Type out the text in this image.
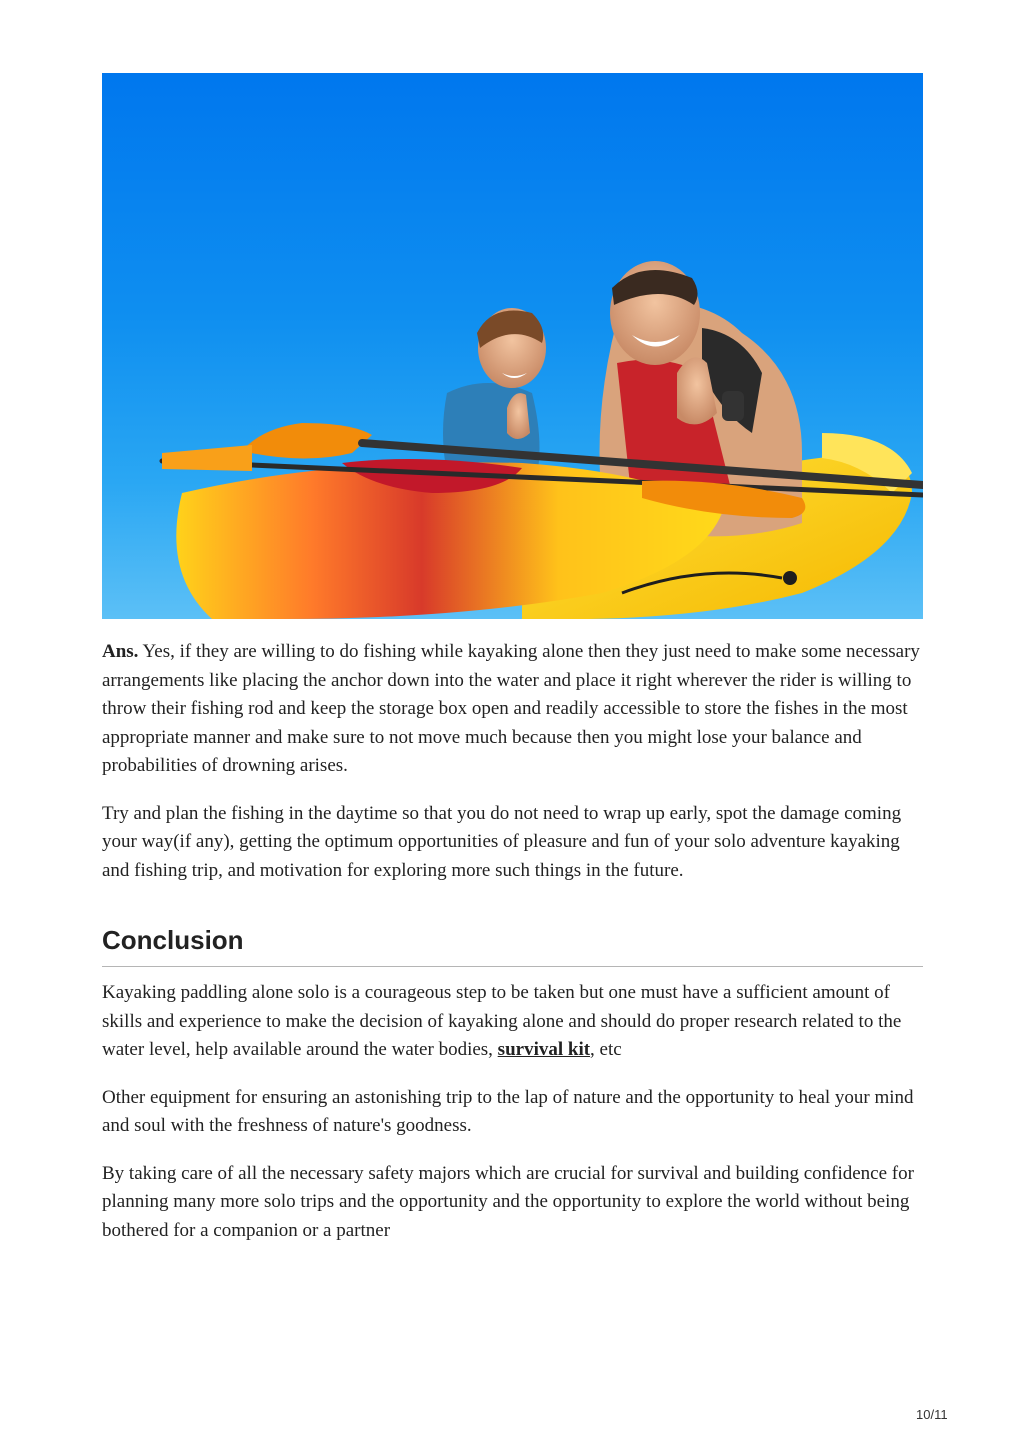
Ans. Yes, if they are willing to do fishing while kayaking alone then they just need to make some necessary arrangements like placing the anchor down into the water and place it right wherever the rider is willing to throw their fishing rod and keep the storage box open and readily accessible to store the fishes in the most appropriate manner and make sure to not move much because then you might lose your balance and probabilities of drowning arises.

Try and plan the fishing in the daytime so that you do not need to wrap up early, spot the damage coming your way(if any), getting the optimum opportunities of pleasure and fun of your solo adventure kayaking and fishing trip, and motivation for exploring more such things in the future.

Conclusion

Kayaking paddling alone solo is a courageous step to be taken but one must have a sufficient amount of skills and experience to make the decision of kayaking alone and should do proper research related to the water level, help available around the water bodies, survival kit, etc

Other equipment for ensuring an astonishing trip to the lap of nature and the opportunity to heal your mind and soul with the freshness of nature's goodness.

By taking care of all the necessary safety majors which are crucial for survival and building confidence for planning many more solo trips and the opportunity and the opportunity to explore the world without being bothered for a companion or a partner

10/11
